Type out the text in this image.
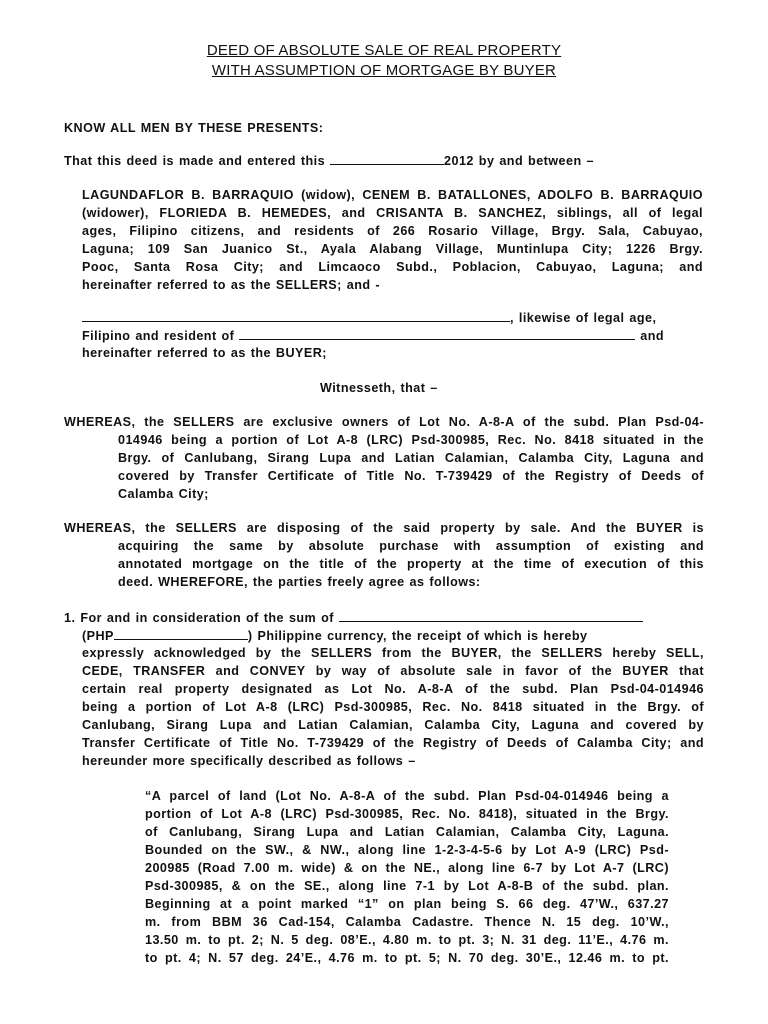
DEED OF ABSOLUTE SALE OF REAL PROPERTY
WITH ASSUMPTION OF MORTGAGE BY BUYER
KNOW ALL MEN BY THESE PRESENTS:
That this deed is made and entered this	2012 by and between –
LAGUNDAFLOR B. BARRAQUIO (widow), CENEM B. BATALLONES, ADOLFO B. BARRAQUIO
(widower), FLORIEDA B. HEMEDES, and CRISANTA B. SANCHEZ, siblings, all of legal
ages, Filipino citizens, and residents of 266 Rosario Village, Brgy. Sala, Cabuyao,
Laguna; 109 San Juanico St., Ayala Alabang Village, Muntinlupa City; 1226 Brgy.
Pooc, Santa Rosa City; and Limcaoco Subd., Poblacion, Cabuyao, Laguna; and
hereinafter referred to as the SELLERS; and -
, likewise of legal age,
Filipino and resident of	and
hereinafter referred to as the BUYER;
Witnesseth, that –
WHEREAS, the SELLERS are exclusive owners of Lot No. A-8-A of the subd. Plan Psd-04-
014946 being a portion of Lot A-8 (LRC) Psd-300985, Rec. No. 8418 situated in the
Brgy. of Canlubang, Sirang Lupa and Latian Calamian, Calamba City, Laguna and
covered by Transfer Certificate of Title No. T-739429 of the Registry of Deeds of
Calamba City;
WHEREAS, the SELLERS are disposing of the said property by sale. And the BUYER is
acquiring the same by absolute purchase with assumption of existing and
annotated mortgage on the title of the property at the time of execution of this
deed. WHEREFORE, the parties freely agree as follows:
1. For and in consideration of the sum of
(PHP	) Philippine currency, the receipt of which is hereby
expressly acknowledged by the SELLERS from the BUYER, the SELLERS hereby SELL,
CEDE, TRANSFER and CONVEY by way of absolute sale in favor of the BUYER that
certain real property designated as Lot No. A-8-A of the subd. Plan Psd-04-014946
being a portion of Lot A-8 (LRC) Psd-300985, Rec. No. 8418 situated in the Brgy. of
Canlubang, Sirang Lupa and Latian Calamian, Calamba City, Laguna and covered by
Transfer Certificate of Title No. T-739429 of the Registry of Deeds of Calamba City; and
hereunder more specifically described as follows –
“A parcel of land (Lot No. A-8-A of the subd. Plan Psd-04-014946 being a
portion of Lot A-8 (LRC) Psd-300985, Rec. No. 8418), situated in the Brgy.
of Canlubang, Sirang Lupa and Latian Calamian, Calamba City, Laguna.
Bounded on the SW., & NW., along line 1-2-3-4-5-6 by Lot A-9 (LRC) Psd-
200985 (Road 7.00 m. wide) & on the NE., along line 6-7 by Lot A-7 (LRC)
Psd-300985, & on the SE., along line 7-1 by Lot A-8-B of the subd. plan.
Beginning at a point marked “1” on plan being S. 66 deg. 47’W., 637.27
m. from BBM 36 Cad-154, Calamba Cadastre. Thence N. 15 deg. 10’W.,
13.50 m. to pt. 2; N. 5 deg. 08’E., 4.80 m. to pt. 3; N. 31 deg. 11’E., 4.76 m.
to pt. 4; N. 57 deg. 24’E., 4.76 m. to pt. 5; N. 70 deg. 30’E., 12.46 m. to pt.
